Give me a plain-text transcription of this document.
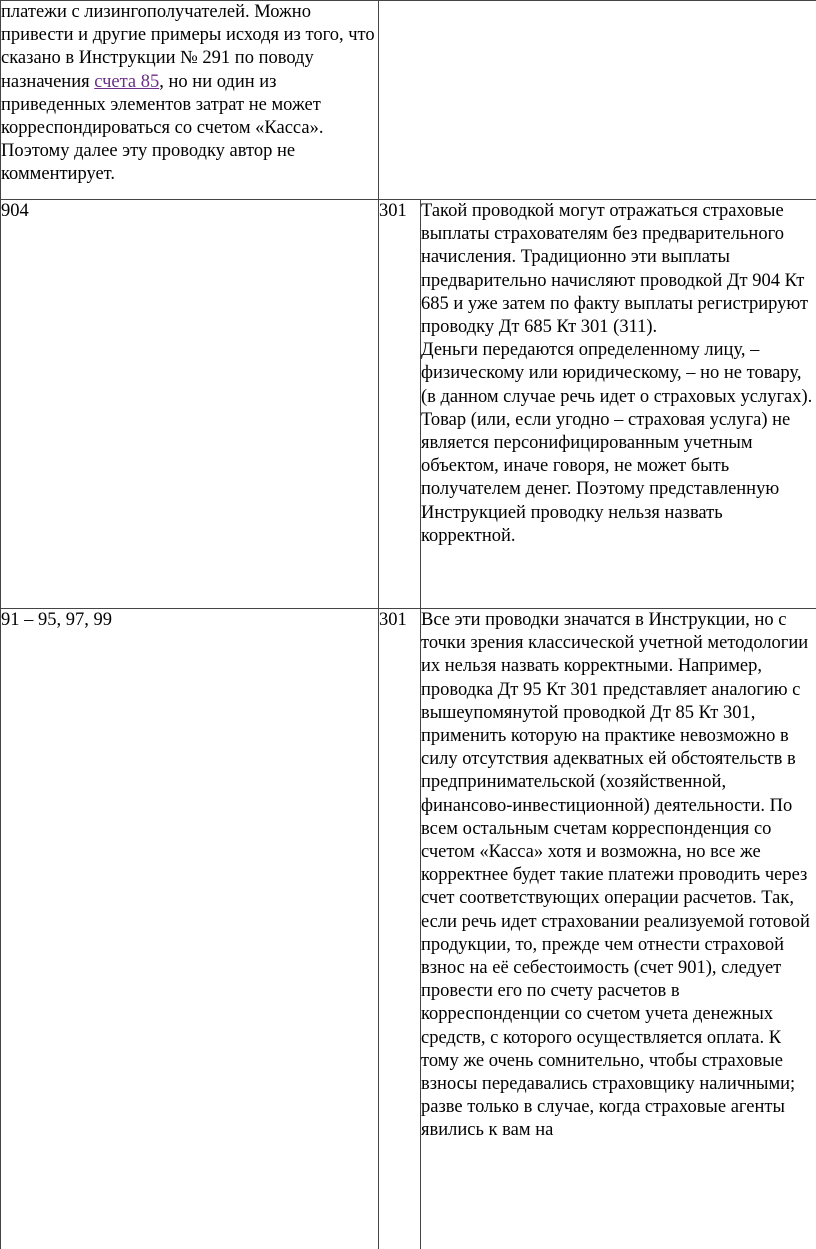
платежи с лизингополучателей. Можно привести и другие примеры исходя из того, что сказано в Инструкции № 291 по поводу назначения счета 85, но ни один из приведенных элементов затрат не может корреспондироваться со счетом «Касса». Поэтому далее эту проводку автор не комментирует.		

904	301	Такой проводкой могут отражаться страховые выплаты страхователям без предварительного начисления. Традиционно эти выплаты предварительно начисляют проводкой Дт 904 Кт 685 и уже затем по факту выплаты регистрируют проводку Дт 685 Кт 301 (311).

Деньги передаются определенному лицу, – физическому или юридическому, – но не товару, (в данном случае речь идет о страховых услугах). Товар (или, если угодно – страховая услуга) не является персонифицированным учетным объектом, иначе говоря, не может быть получателем денег. Поэтому представленную Инструкцией проводку нельзя назвать корректной.

91 – 95, 97, 99	301	Все эти проводки значатся в Инструкции, но с точки зрения классической учетной методологии их нельзя назвать корректными. Например, проводка Дт 95 Кт 301 представляет аналогию с вышеупомянутой проводкой Дт 85 Кт 301, применить которую на практике невозможно в силу отсутствия адекватных ей обстоятельств в предпринимательской (хозяйственной, финансово-инвестиционной) деятельности. По всем остальным счетам корреспонденция со счетом «Касса» хотя и возможна, но все же корректнее будет такие платежи проводить через счет соответствующих операции расчетов. Так, если речь идет страховании реализуемой готовой продукции, то, прежде чем отнести страховой взнос на её себестоимость (счет 901), следует провести его по счету расчетов в корреспонденции со счетом учета денежных средств, с которого осуществляется оплата. К тому же очень сомнительно, чтобы страховые взносы передавались страховщику наличными; разве только в случае, когда страховые агенты явились к вам на
